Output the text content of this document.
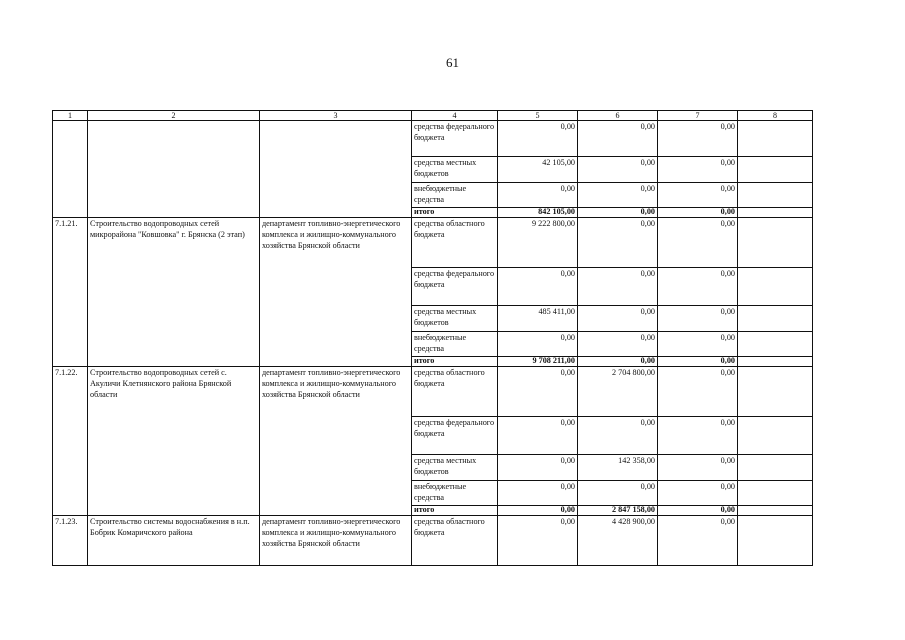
61
1	2	3	4	5	6	7	8
			средства федерального бюджета	0,00	0,00	0,00	
			средства местных бюджетов	42 105,00	0,00	0,00	
			внебюджетные средства	0,00	0,00	0,00	
			итого	842 105,00	0,00	0,00	
7.1.21.	Строительство водопроводных сетей микрорайона "Ковшовка" г. Брянска (2 этап)	департамент топливно-энергетического комплекса и жилищно-коммунального хозяйства Брянской области	средства областного бюджета	9 222 800,00	0,00	0,00	
			средства федерального бюджета	0,00	0,00	0,00	
			средства местных бюджетов	485 411,00	0,00	0,00	
			внебюджетные средства	0,00	0,00	0,00	
			итого	9 708 211,00	0,00	0,00	
7.1.22.	Строительство водопроводных сетей с. Акуличи Клетнянского района Брянской области	департамент топливно-энергетического комплекса и жилищно-коммунального хозяйства Брянской области	средства областного бюджета	0,00	2 704 800,00	0,00	
			средства федерального бюджета	0,00	0,00	0,00	
			средства местных бюджетов	0,00	142 358,00	0,00	
			внебюджетные средства	0,00	0,00	0,00	
			итого	0,00	2 847 158,00	0,00	
7.1.23.	Строительство системы водоснабжения в н.п. Бобрик Комаричского района	департамент топливно-энергетического комплекса и жилищно-коммунального хозяйства Брянской области	средства областного бюджета	0,00	4 428 900,00	0,00	
